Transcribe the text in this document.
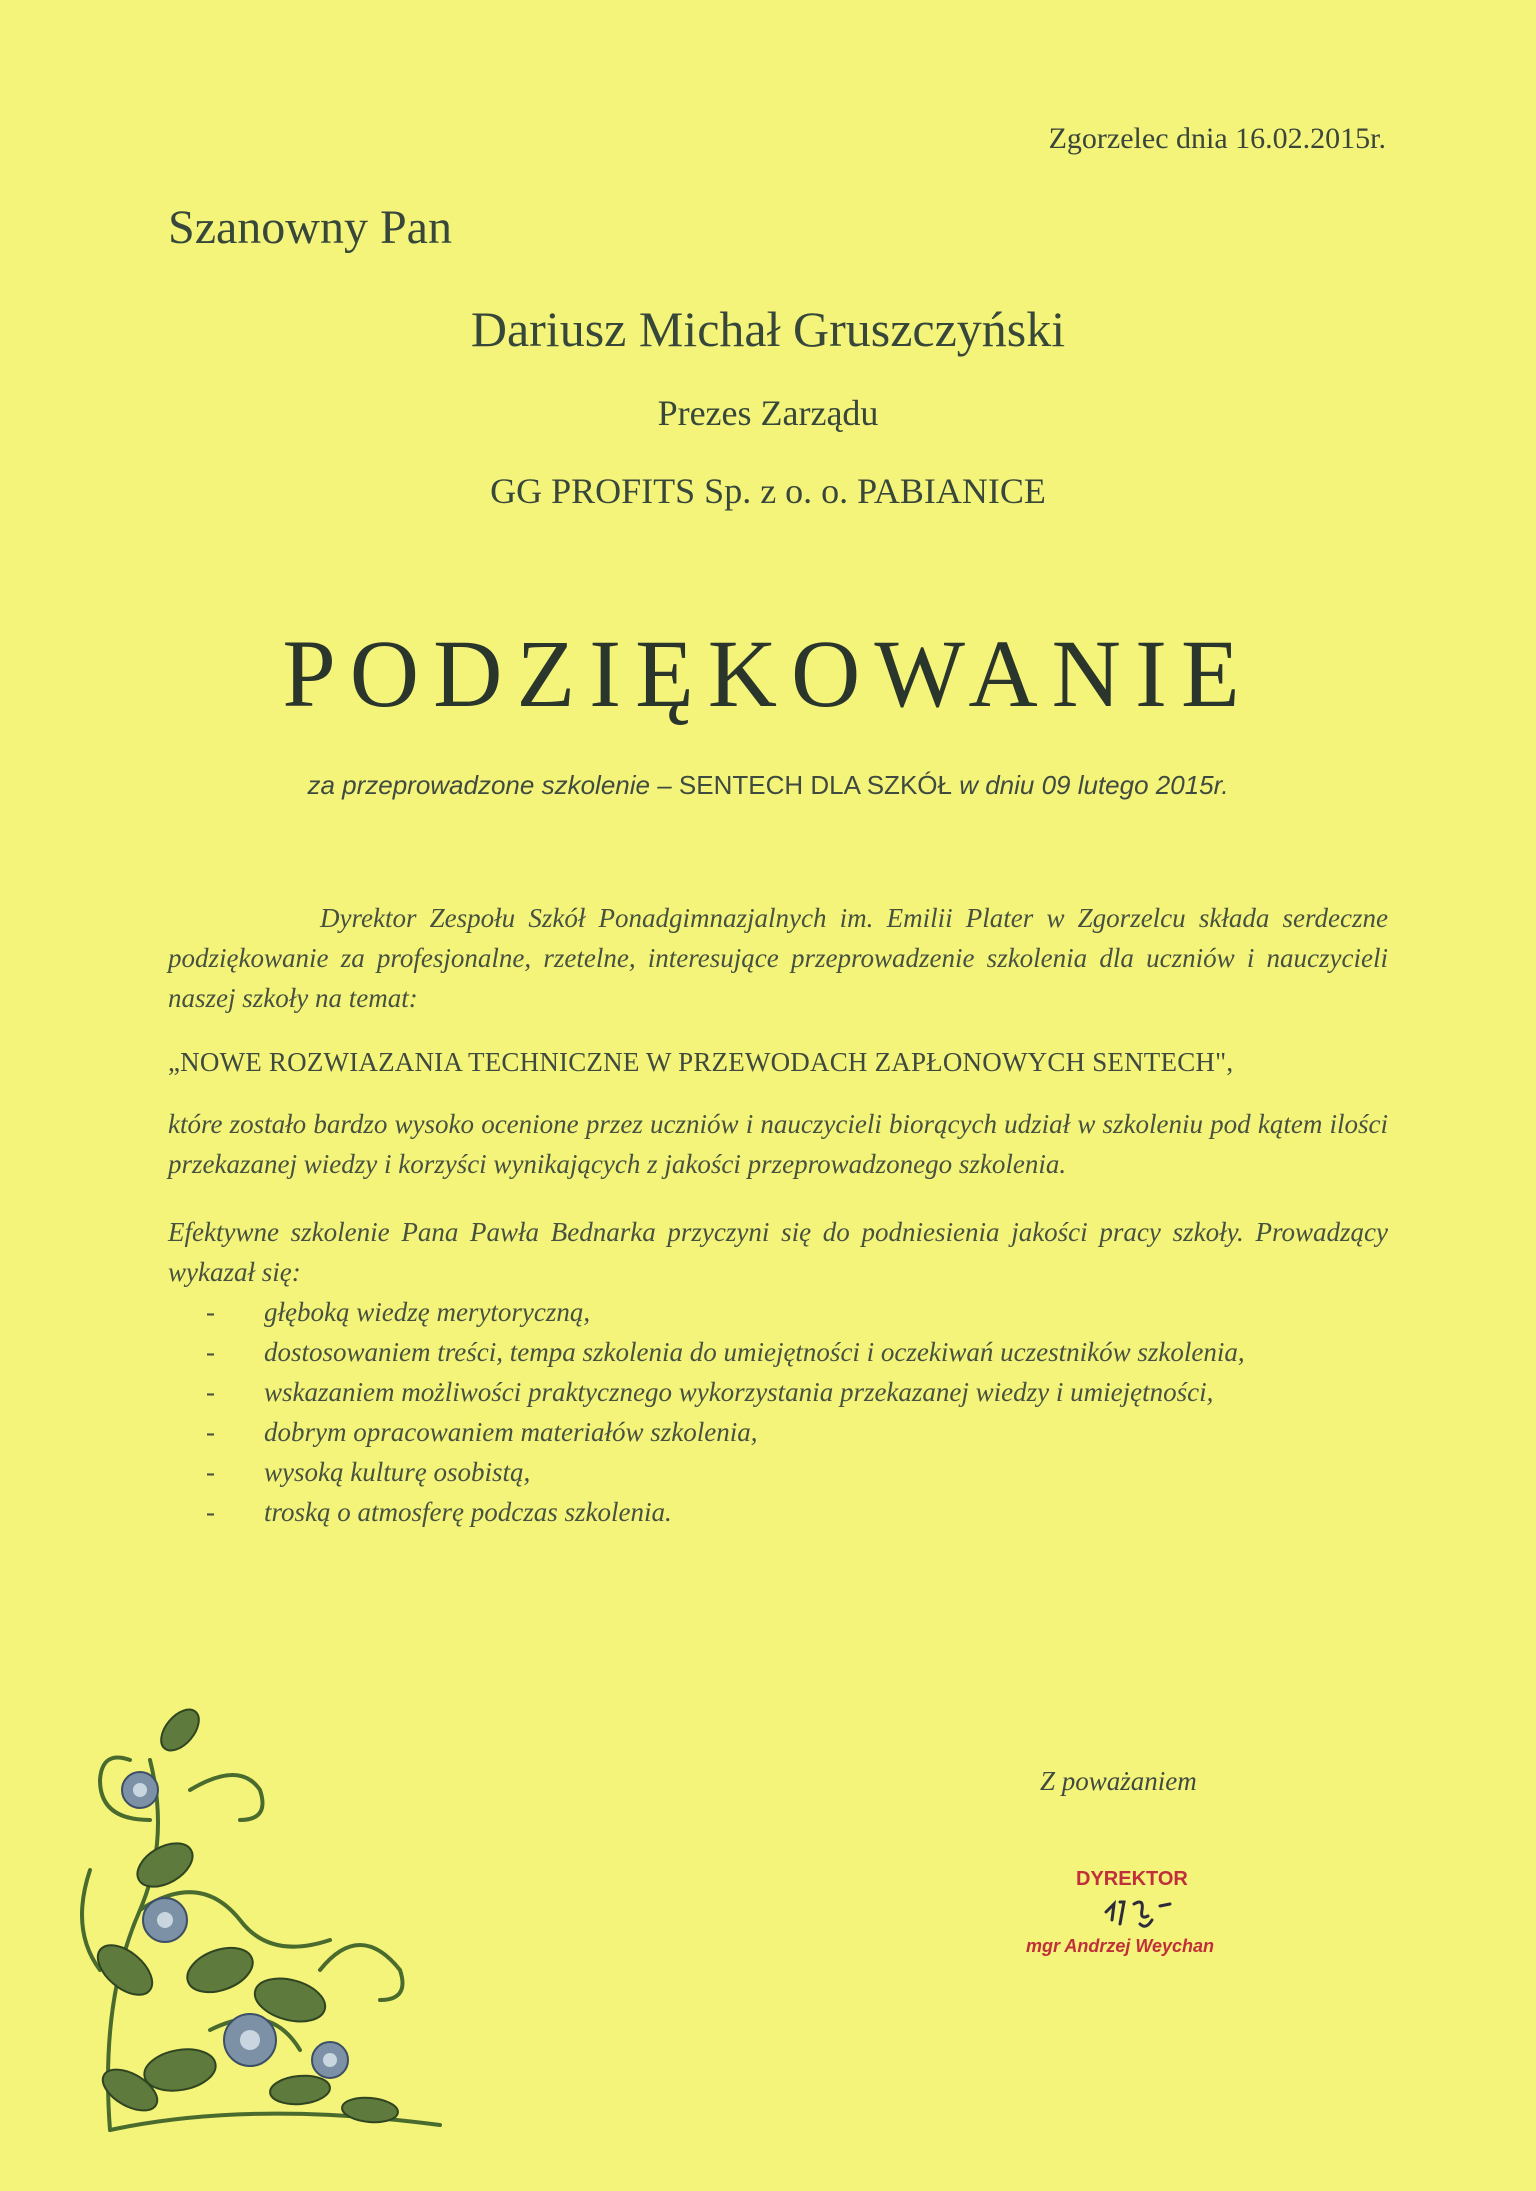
Zgorzelec dnia 16.02.2015r.
Szanowny Pan
Dariusz Michał Gruszczyński
Prezes Zarządu
GG PROFITS Sp. z o. o. PABIANICE
PODZIĘKOWANIE
za przeprowadzone szkolenie – SENTECH DLA SZKÓŁ w dniu 09 lutego 2015r.
Dyrektor Zespołu Szkół Ponadgimnazjalnych im. Emilii Plater w Zgorzelcu składa serdeczne podziękowanie za profesjonalne, rzetelne, interesujące przeprowadzenie szkolenia dla uczniów i nauczycieli naszej szkoły na temat:
„NOWE ROZWIAZANIA TECHNICZNE W PRZEWODACH ZAPŁONOWYCH SENTECH",
które zostało bardzo wysoko ocenione przez uczniów i nauczycieli biorących udział w szkoleniu pod kątem ilości przekazanej wiedzy i korzyści wynikających z jakości przeprowadzonego szkolenia.
Efektywne szkolenie Pana Pawła Bednarka przyczyni się do podniesienia jakości pracy szkoły. Prowadzący wykazał się:
- głęboką wiedzę merytoryczną,
- dostosowaniem treści, tempa szkolenia do umiejętności i oczekiwań uczestników szkolenia,
- wskazaniem możliwości praktycznego wykorzystania przekazanej wiedzy i umiejętności,
- dobrym opracowaniem materiałów szkolenia,
- wysoką kulturę osobistą,
- troską o atmosferę podczas szkolenia.
Z poważaniem
DYREKTOR
mgr Andrzej Weychan
